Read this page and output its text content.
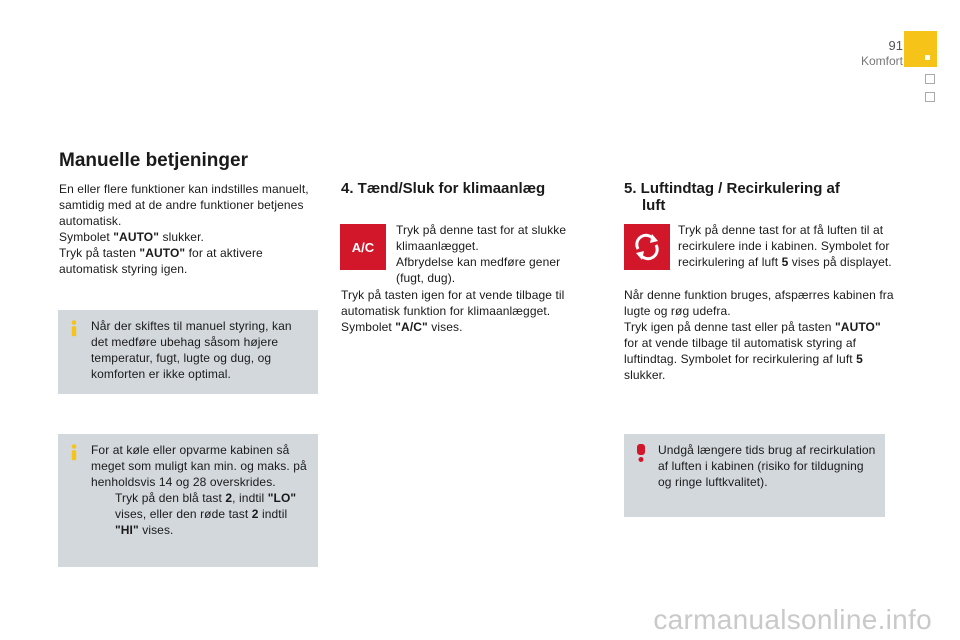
91
Komfort
Manuelle betjeninger

En eller flere funktioner kan indstilles manuelt, samtidig med at de andre funktioner betjenes automatisk.

Symbolet "AUTO" slukker.

Tryk på tasten "AUTO" for at aktivere automatisk styring igen.

Når der skiftes til manuel styring, kan det medføre ubehag såsom højere temperatur, fugt, lugte og dug, og komforten er ikke optimal.

For at køle eller opvarme kabinen så meget som muligt kan min. og maks. på henholdsvis 14 og 28 overskrides.

Tryk på den blå tast 2, indtil "LO" vises, eller den røde tast 2 indtil "HI" vises.
4. Tænd/Sluk for klimaanlæg
A/C

Tryk på denne tast for at slukke klimaanlægget.

Afbrydelse kan medføre gener (fugt, dug).

Tryk på tasten igen for at vende tilbage til automatisk funktion for klimaanlægget.

Symbolet "A/C" vises.

5. Luftindtag / Recirkulering af
luft

Tryk på denne tast for at få luften til at recirkulere inde i kabinen. Symbolet for recirkulering af luft 5 vises på displayet.

Når denne funktion bruges, afspærres kabinen fra lugte og røg udefra.

Tryk igen på denne tast eller på tasten "AUTO" for at vende tilbage til automatisk styring af luftindtag. Symbolet for recirkulering af luft 5 slukker.

Undgå længere tids brug af recirkulation af luften i kabinen (risiko for tildugning og ringe luftkvalitet).
carmanualsonline.info
